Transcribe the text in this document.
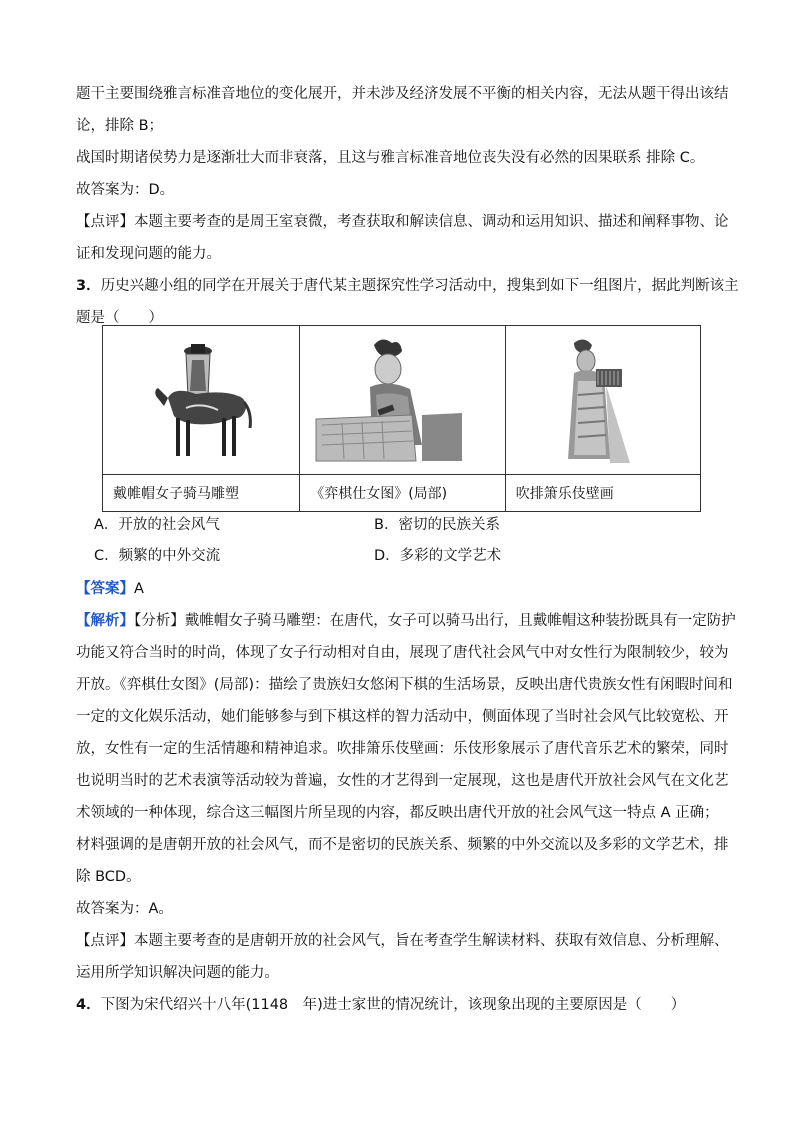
题干主要围绕雅言标准音地位的变化展开，并未涉及经济发展不平衡的相关内容，无法从题干得出该结
论，排除 B；
战国时期诸侯势力是逐渐壮大而非衰落，且这与雅言标准音地位丧失没有必然的因果联系 排除 C。
故答案为：D。
【点评】本题主要考查的是周王室衰微，考查获取和解读信息、调动和运用知识、描述和阐释事物、论
证和发现问题的能力。
3．历史兴趣小组的同学在开展关于唐代某主题探究性学习活动中，搜集到如下一组图片，据此判断该主
题是（　　）

戴帷帽女子骑马雕塑	《弈棋仕女图》(局部)	吹排箫乐伎壁画
A．开放的社会风气	B．密切的民族关系
C．频繁的中外交流	D．多彩的文学艺术
【答案】A
【解析】【分析】戴帷帽女子骑马雕塑：在唐代，女子可以骑马出行，且戴帷帽这种装扮既具有一定防护
功能又符合当时的时尚，体现了女子行动相对自由，展现了唐代社会风气中对女性行为限制较少，较为
开放。《弈棋仕女图》(局部)：描绘了贵族妇女悠闲下棋的生活场景，反映出唐代贵族女性有闲暇时间和
一定的文化娱乐活动，她们能够参与到下棋这样的智力活动中，侧面体现了当时社会风气比较宽松、开
放，女性有一定的生活情趣和精神追求。吹排箫乐伎壁画：乐伎形象展示了唐代音乐艺术的繁荣，同时
也说明当时的艺术表演等活动较为普遍，女性的才艺得到一定展现，这也是唐代开放社会风气在文化艺
术领域的一种体现，综合这三幅图片所呈现的内容，都反映出唐代开放的社会风气这一特点 A 正确；
材料强调的是唐朝开放的社会风气，而不是密切的民族关系、频繁的中外交流以及多彩的文学艺术，排
除 BCD。
故答案为：A。
【点评】本题主要考查的是唐朝开放的社会风气，旨在考查学生解读材料、获取有效信息、分析理解、
运用所学知识解决问题的能力。
4．下图为宋代绍兴十八年(1148　年)进士家世的情况统计，该现象出现的主要原因是（　　）
